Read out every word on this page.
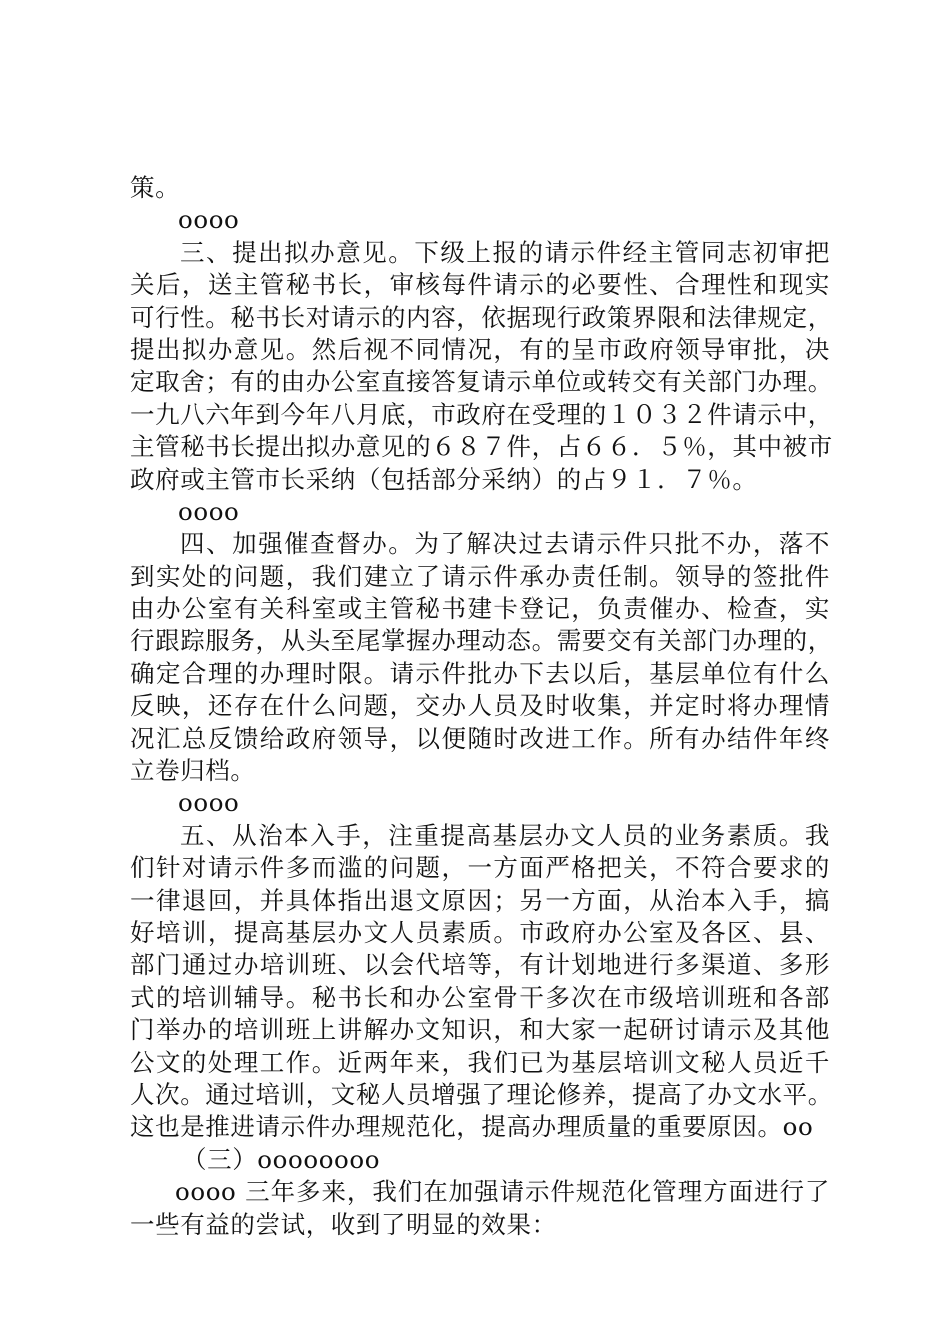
策。
oooo
三、提出拟办意见。下级上报的请示件经主管同志初审把
关后，送主管秘书长，审核每件请示的必要性、合理性和现实
可行性。秘书长对请示的内容，依据现行政策界限和法律规定，
提出拟办意见。然后视不同情况，有的呈市政府领导审批，决
定取舍；有的由办公室直接答复请示单位或转交有关部门办理。
一九八六年到今年八月底，市政府在受理的１０３２件请示中，
主管秘书长提出拟办意见的６８７件，占６６．５％，其中被市
政府或主管市长采纳（包括部分采纳）的占９１．７％。
oooo
四、加强催查督办。为了解决过去请示件只批不办，落不
到实处的问题，我们建立了请示件承办责任制。领导的签批件
由办公室有关科室或主管秘书建卡登记，负责催办、检查，实
行跟踪服务，从头至尾掌握办理动态。需要交有关部门办理的，
确定合理的办理时限。请示件批办下去以后，基层单位有什么
反映，还存在什么问题，交办人员及时收集，并定时将办理情
况汇总反馈给政府领导，以便随时改进工作。所有办结件年终
立卷归档。
oooo
五、从治本入手，注重提高基层办文人员的业务素质。我
们针对请示件多而滥的问题，一方面严格把关，不符合要求的
一律退回，并具体指出退文原因；另一方面，从治本入手，搞
好培训，提高基层办文人员素质。市政府办公室及各区、县、
部门通过办培训班、以会代培等，有计划地进行多渠道、多形
式的培训辅导。秘书长和办公室骨干多次在市级培训班和各部
门举办的培训班上讲解办文知识，和大家一起研讨请示及其他
公文的处理工作。近两年来，我们已为基层培训文秘人员近千
人次。通过培训，文秘人员增强了理论修养，提高了办文水平。
这也是推进请示件办理规范化，提高办理质量的重要原因。oo
（三）oooooooo
oooo 三年多来，我们在加强请示件规范化管理方面进行了
一些有益的尝试，收到了明显的效果：
